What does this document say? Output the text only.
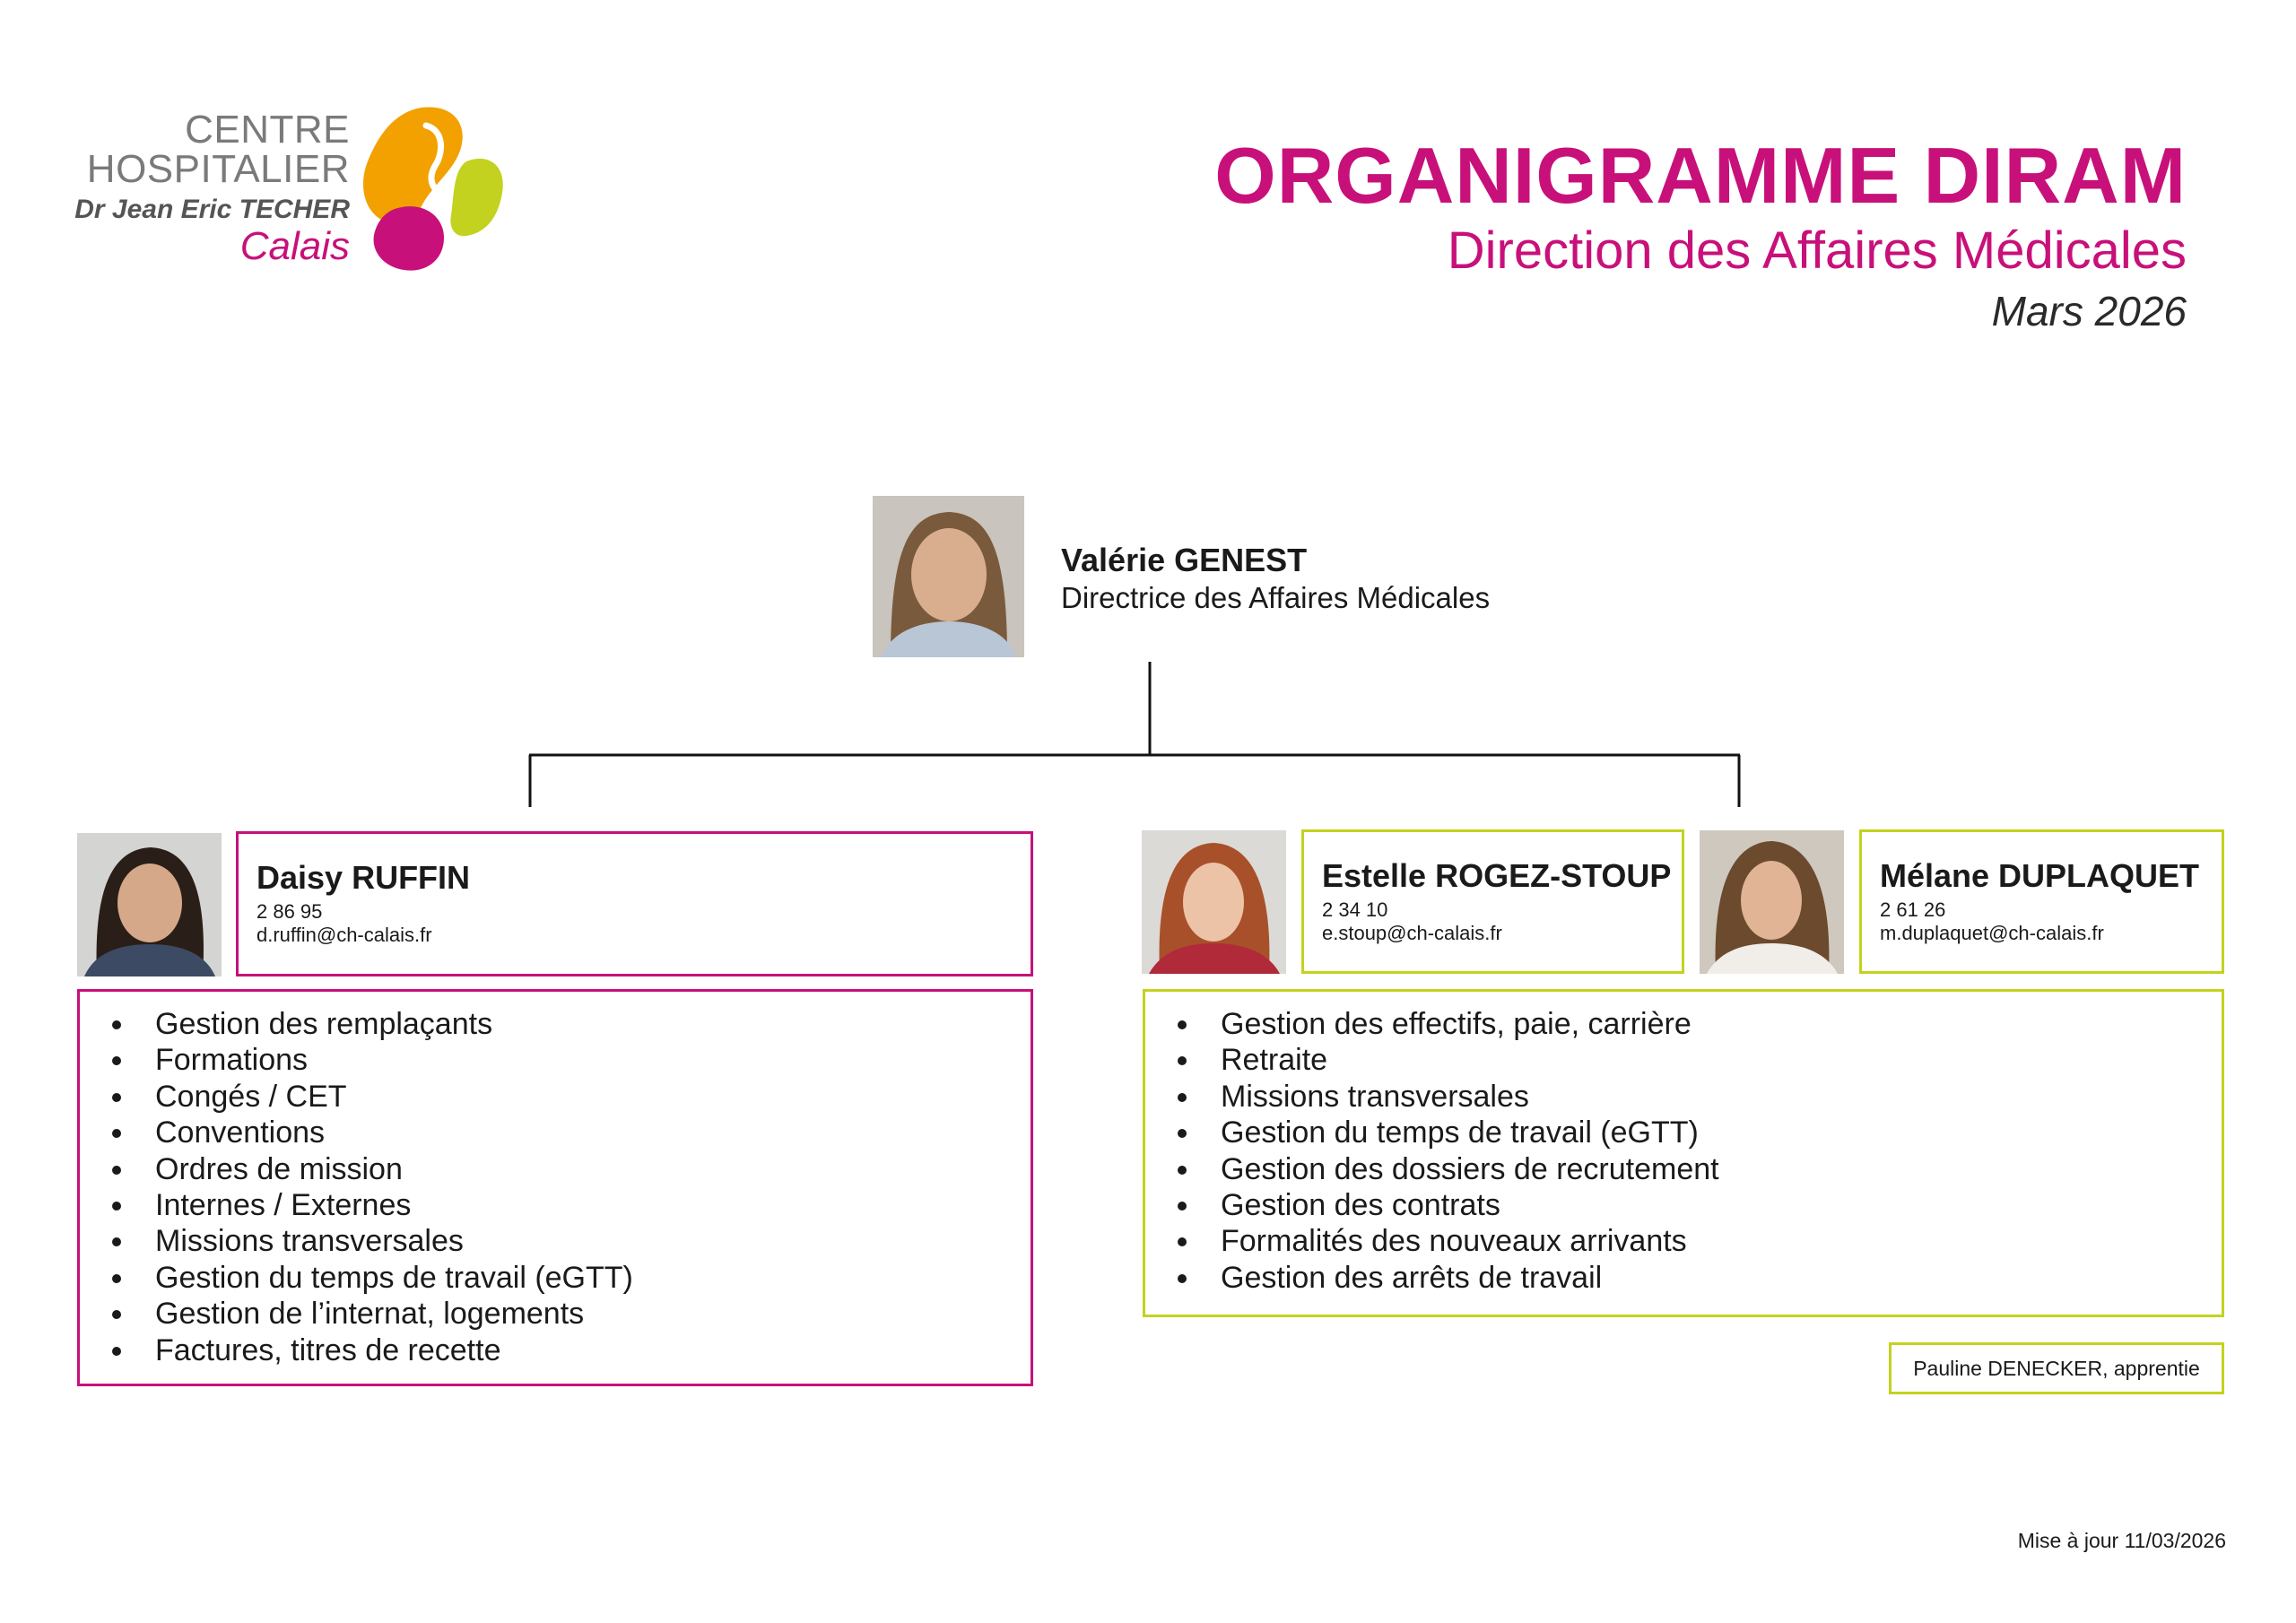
CENTRE
HOSPITALIER
Dr Jean Eric TECHER
Calais
ORGANIGRAMME DIRAM
Direction des Affaires Médicales
Mars 2026
Valérie GENEST
Directrice des Affaires Médicales
Daisy RUFFIN
2 86 95
d.ruffin@ch-calais.fr
Gestion des remplaçants
Formations
Congés / CET
Conventions
Ordres de mission
Internes / Externes
Missions transversales
Gestion du temps de travail (eGTT)
Gestion de l’internat, logements
Factures, titres de recette
Estelle ROGEZ-STOUP
2 34 10
e.stoup@ch-calais.fr
Mélane DUPLAQUET
2 61 26
m.duplaquet@ch-calais.fr
Gestion des effectifs, paie, carrière
Retraite
Missions transversales
Gestion du temps de travail (eGTT)
Gestion des dossiers de recrutement
Gestion des contrats
Formalités des nouveaux arrivants
Gestion des arrêts de travail
Pauline DENECKER, apprentie
Mise à jour 11/03/2026
